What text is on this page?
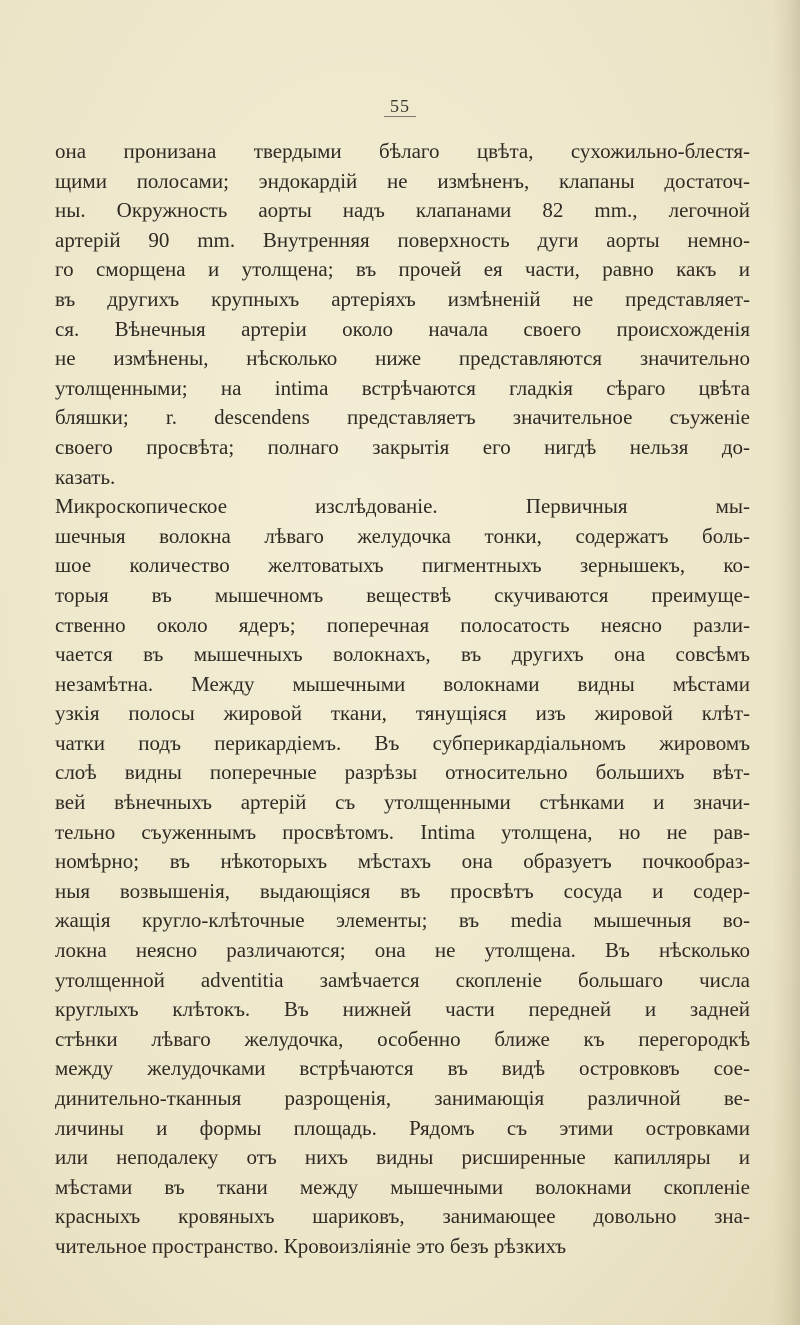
55
она пронизана твердыми бѣлаго цвѣта, сухожильно-блестя-
щими полосами; эндокардій не измѣненъ, клапаны достаточ-
ны. Окружность аорты надъ клапанами 82 mm., легочной
артерій 90 mm. Внутренняя поверхность дуги аорты немно-
го сморщена и утолщена; въ прочей ея части, равно какъ и
въ другихъ крупныхъ артеріяхъ измѣненій не представляет-
ся. Вѣнечныя артеріи около начала своего происхожденія
не измѣнены, нѣсколько ниже представляются значительно
утолщенными; на intima встрѣчаются гладкія сѣраго цвѣта
бляшки; r. descendens представляетъ значительное съуженіе
своего просвѣта; полнаго закрытія его нигдѣ нельзя до-
казать.
Микроскопическое изслѣдованіе. Первичныя мы-
шечныя волокна лѣваго желудочка тонки, содержатъ боль-
шое количество желтоватыхъ пигментныхъ зернышекъ, ко-
торыя въ мышечномъ веществѣ скучиваются преимуще-
ственно около ядеръ; поперечная полосатость неясно разли-
чается въ мышечныхъ волокнахъ, въ другихъ она совсѣмъ
незамѣтна. Между мышечными волокнами видны мѣстами
узкія полосы жировой ткани, тянущіяся изъ жировой клѣт-
чатки подъ перикардіемъ. Въ субперикардіальномъ жировомъ
слоѣ видны поперечные разрѣзы относительно большихъ вѣт-
вей вѣнечныхъ артерій съ утолщенными стѣнками и значи-
тельно съуженнымъ просвѣтомъ. Intima утолщена, но не рав-
номѣрно; въ нѣкоторыхъ мѣстахъ она образуетъ почкообраз-
ныя возвышенія, выдающіяся въ просвѣтъ сосуда и содер-
жащія кругло-клѣточные элементы; въ media мышечныя во-
локна неясно различаются; она не утолщена. Въ нѣсколько
утолщенной adventitia замѣчается скопленіе большаго числа
круглыхъ клѣтокъ. Въ нижней части передней и задней
стѣнки лѣваго желудочка, особенно ближе къ перегородкѣ
между желудочками встрѣчаются въ видѣ островковъ сое-
динительно-тканныя разрощенія, занимающія различной ве-
личины и формы площадь. Рядомъ съ этими островками
или неподалеку отъ нихъ видны рисширенные капилляры и
мѣстами въ ткани между мышечными волокнами скопленіе
красныхъ кровяныхъ шариковъ, занимающее довольно зна-
чительное пространство. Кровоизліяніе это безъ рѣзкихъ
